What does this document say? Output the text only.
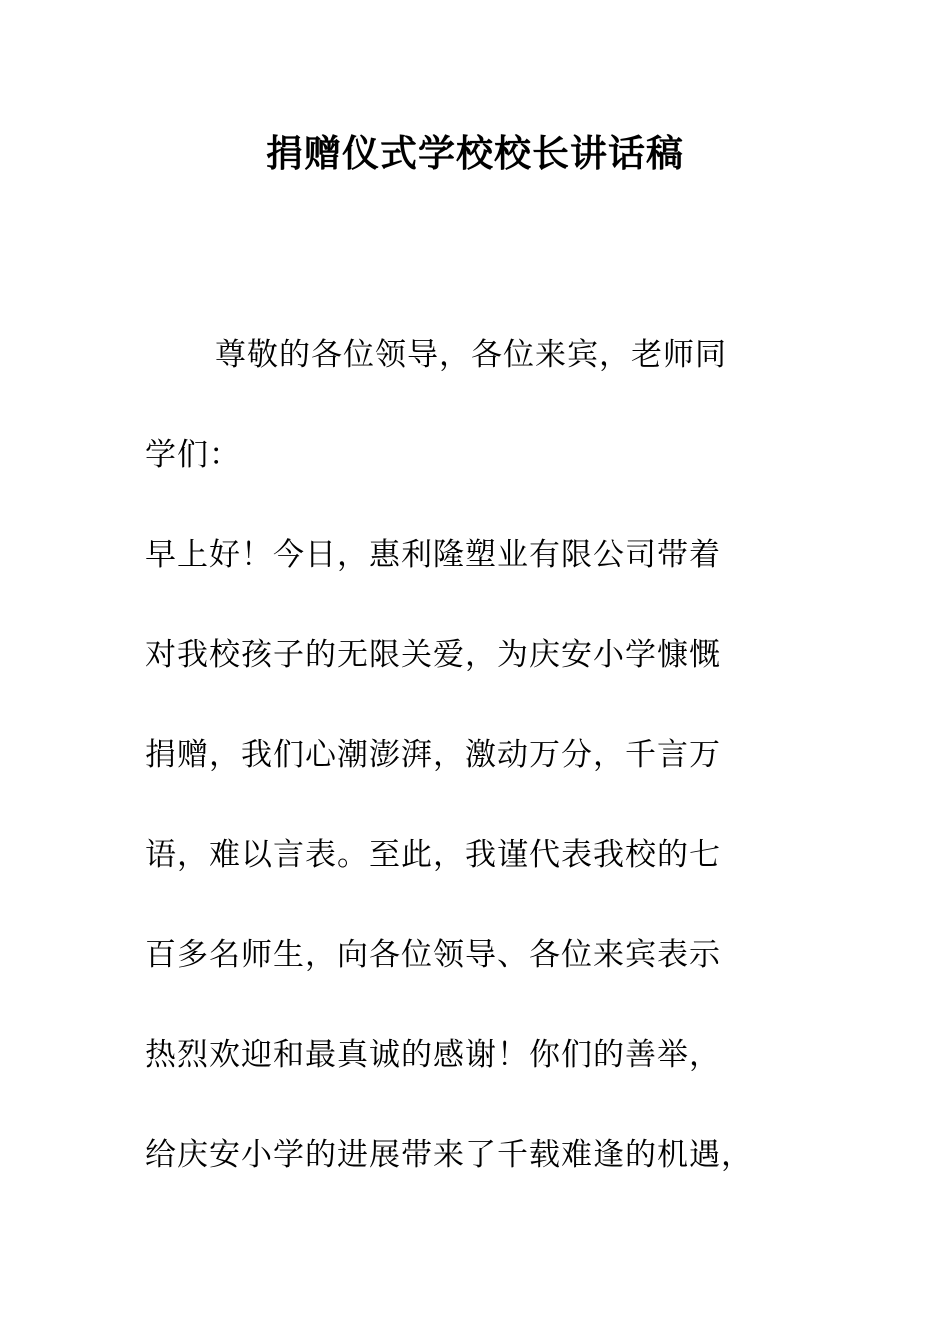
捐赠仪式学校校长讲话稿
尊敬的各位领导，各位来宾，老师同
学们：
早上好！今日，惠利隆塑业有限公司带着
对我校孩子的无限关爱，为庆安小学慷慨
捐赠，我们心潮澎湃，激动万分，千言万
语，难以言表。至此，我谨代表我校的七
百多名师生，向各位领导、各位来宾表示
热烈欢迎和最真诚的感谢！你们的善举，
给庆安小学的进展带来了千载难逢的机遇，
